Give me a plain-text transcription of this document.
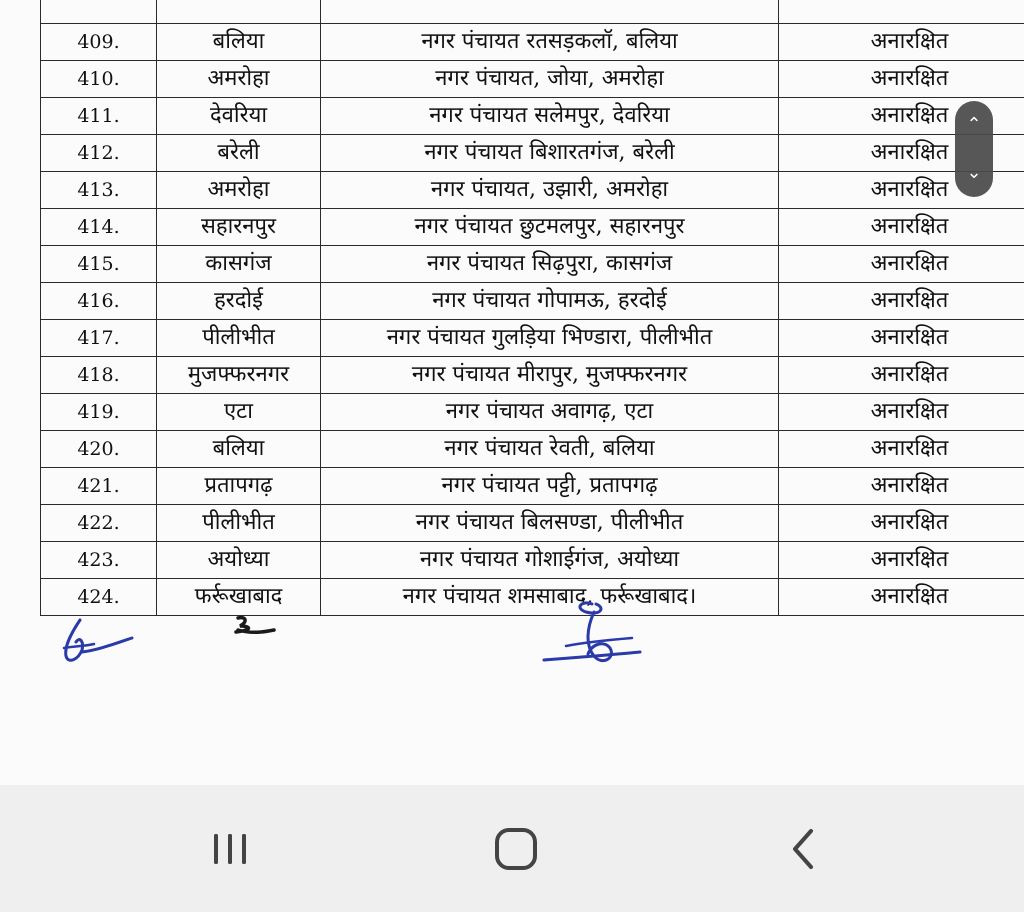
409.	बलिया	नगर पंचायत रतसड़कलॉ, बलिया	अनारक्षित
410.	अमरोहा	नगर पंचायत, जोया, अमरोहा	अनारक्षित
411.	देवरिया	नगर पंचायत सलेमपुर, देवरिया	अनारक्षित
412.	बरेली	नगर पंचायत बिशारतगंज, बरेली	अनारक्षित
413.	अमरोहा	नगर पंचायत, उझारी, अमरोहा	अनारक्षित
414.	सहारनपुर	नगर पंचायत छुटमलपुर, सहारनपुर	अनारक्षित
415.	कासगंज	नगर पंचायत सिढ़पुरा, कासगंज	अनारक्षित
416.	हरदोई	नगर पंचायत गोपामऊ, हरदोई	अनारक्षित
417.	पीलीभीत	नगर पंचायत गुलड़िया भिण्डारा, पीलीभीत	अनारक्षित
418.	मुजफ्फरनगर	नगर पंचायत मीरापुर, मुजफ्फरनगर	अनारक्षित
419.	एटा	नगर पंचायत अवागढ़, एटा	अनारक्षित
420.	बलिया	नगर पंचायत रेवती, बलिया	अनारक्षित
421.	प्रतापगढ़	नगर पंचायत पट्टी, प्रतापगढ़	अनारक्षित
422.	पीलीभीत	नगर पंचायत बिलसण्डा, पीलीभीत	अनारक्षित
423.	अयोध्या	नगर पंचायत गोशाईगंज, अयोध्या	अनारक्षित
424.	फर्रूखाबाद	नगर पंचायत शमसाबाद, फर्रूखाबाद।	अनारक्षित
⌃
⌄
